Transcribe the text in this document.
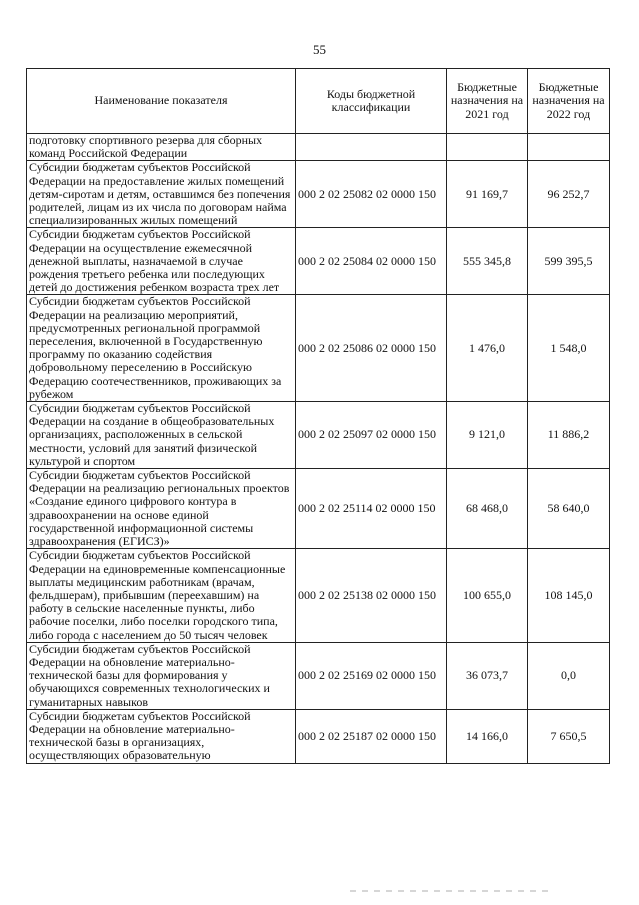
55
Наименование показателя	Коды бюджетной классификации	Бюджетные назначения на 2021 год	Бюджетные назначения на 2022 год
подготовку спортивного резерва для сборных команд Российской Федерации			
Субсидии бюджетам субъектов Российской Федерации на предоставление жилых помещений детям-сиротам и детям, оставшимся без попечения родителей, лицам из их числа по договорам найма специализированных жилых помещений	000 2 02 25082 02 0000 150	91 169,7	96 252,7
Субсидии бюджетам субъектов Российской Федерации на осуществление ежемесячной денежной выплаты, назначаемой в случае рождения третьего ребенка или последующих детей до достижения ребенком возраста трех лет	000 2 02 25084 02 0000 150	555 345,8	599 395,5
Субсидии бюджетам субъектов Российской Федерации на реализацию мероприятий, предусмотренных региональной программой переселения, включенной в Государственную программу по оказанию содействия добровольному переселению в Российскую Федерацию соотечественников, проживающих за рубежом	000 2 02 25086 02 0000 150	1 476,0	1 548,0
Субсидии бюджетам субъектов Российской Федерации на создание в общеобразовательных организациях, расположенных в сельской местности, условий для занятий физической культурой и спортом	000 2 02 25097 02 0000 150	9 121,0	11 886,2
Субсидии бюджетам субъектов Российской Федерации на реализацию региональных проектов «Создание единого цифрового контура в здравоохранении на основе единой государственной информационной системы здравоохранения (ЕГИСЗ)»	000 2 02 25114 02 0000 150	68 468,0	58 640,0
Субсидии бюджетам субъектов Российской Федерации на единовременные компенсационные выплаты медицинским работникам (врачам, фельдшерам), прибывшим (переехавшим) на работу в сельские населенные пункты, либо рабочие поселки, либо поселки городского типа, либо города с населением до 50 тысяч человек	000 2 02 25138 02 0000 150	100 655,0	108 145,0
Субсидии бюджетам субъектов Российской Федерации на обновление материально-технической базы для формирования у обучающихся современных технологических и гуманитарных навыков	000 2 02 25169 02 0000 150	36 073,7	0,0
Субсидии бюджетам субъектов Российской Федерации на обновление материально-технической базы в организациях, осуществляющих образовательную	000 2 02 25187 02 0000 150	14 166,0	7 650,5
